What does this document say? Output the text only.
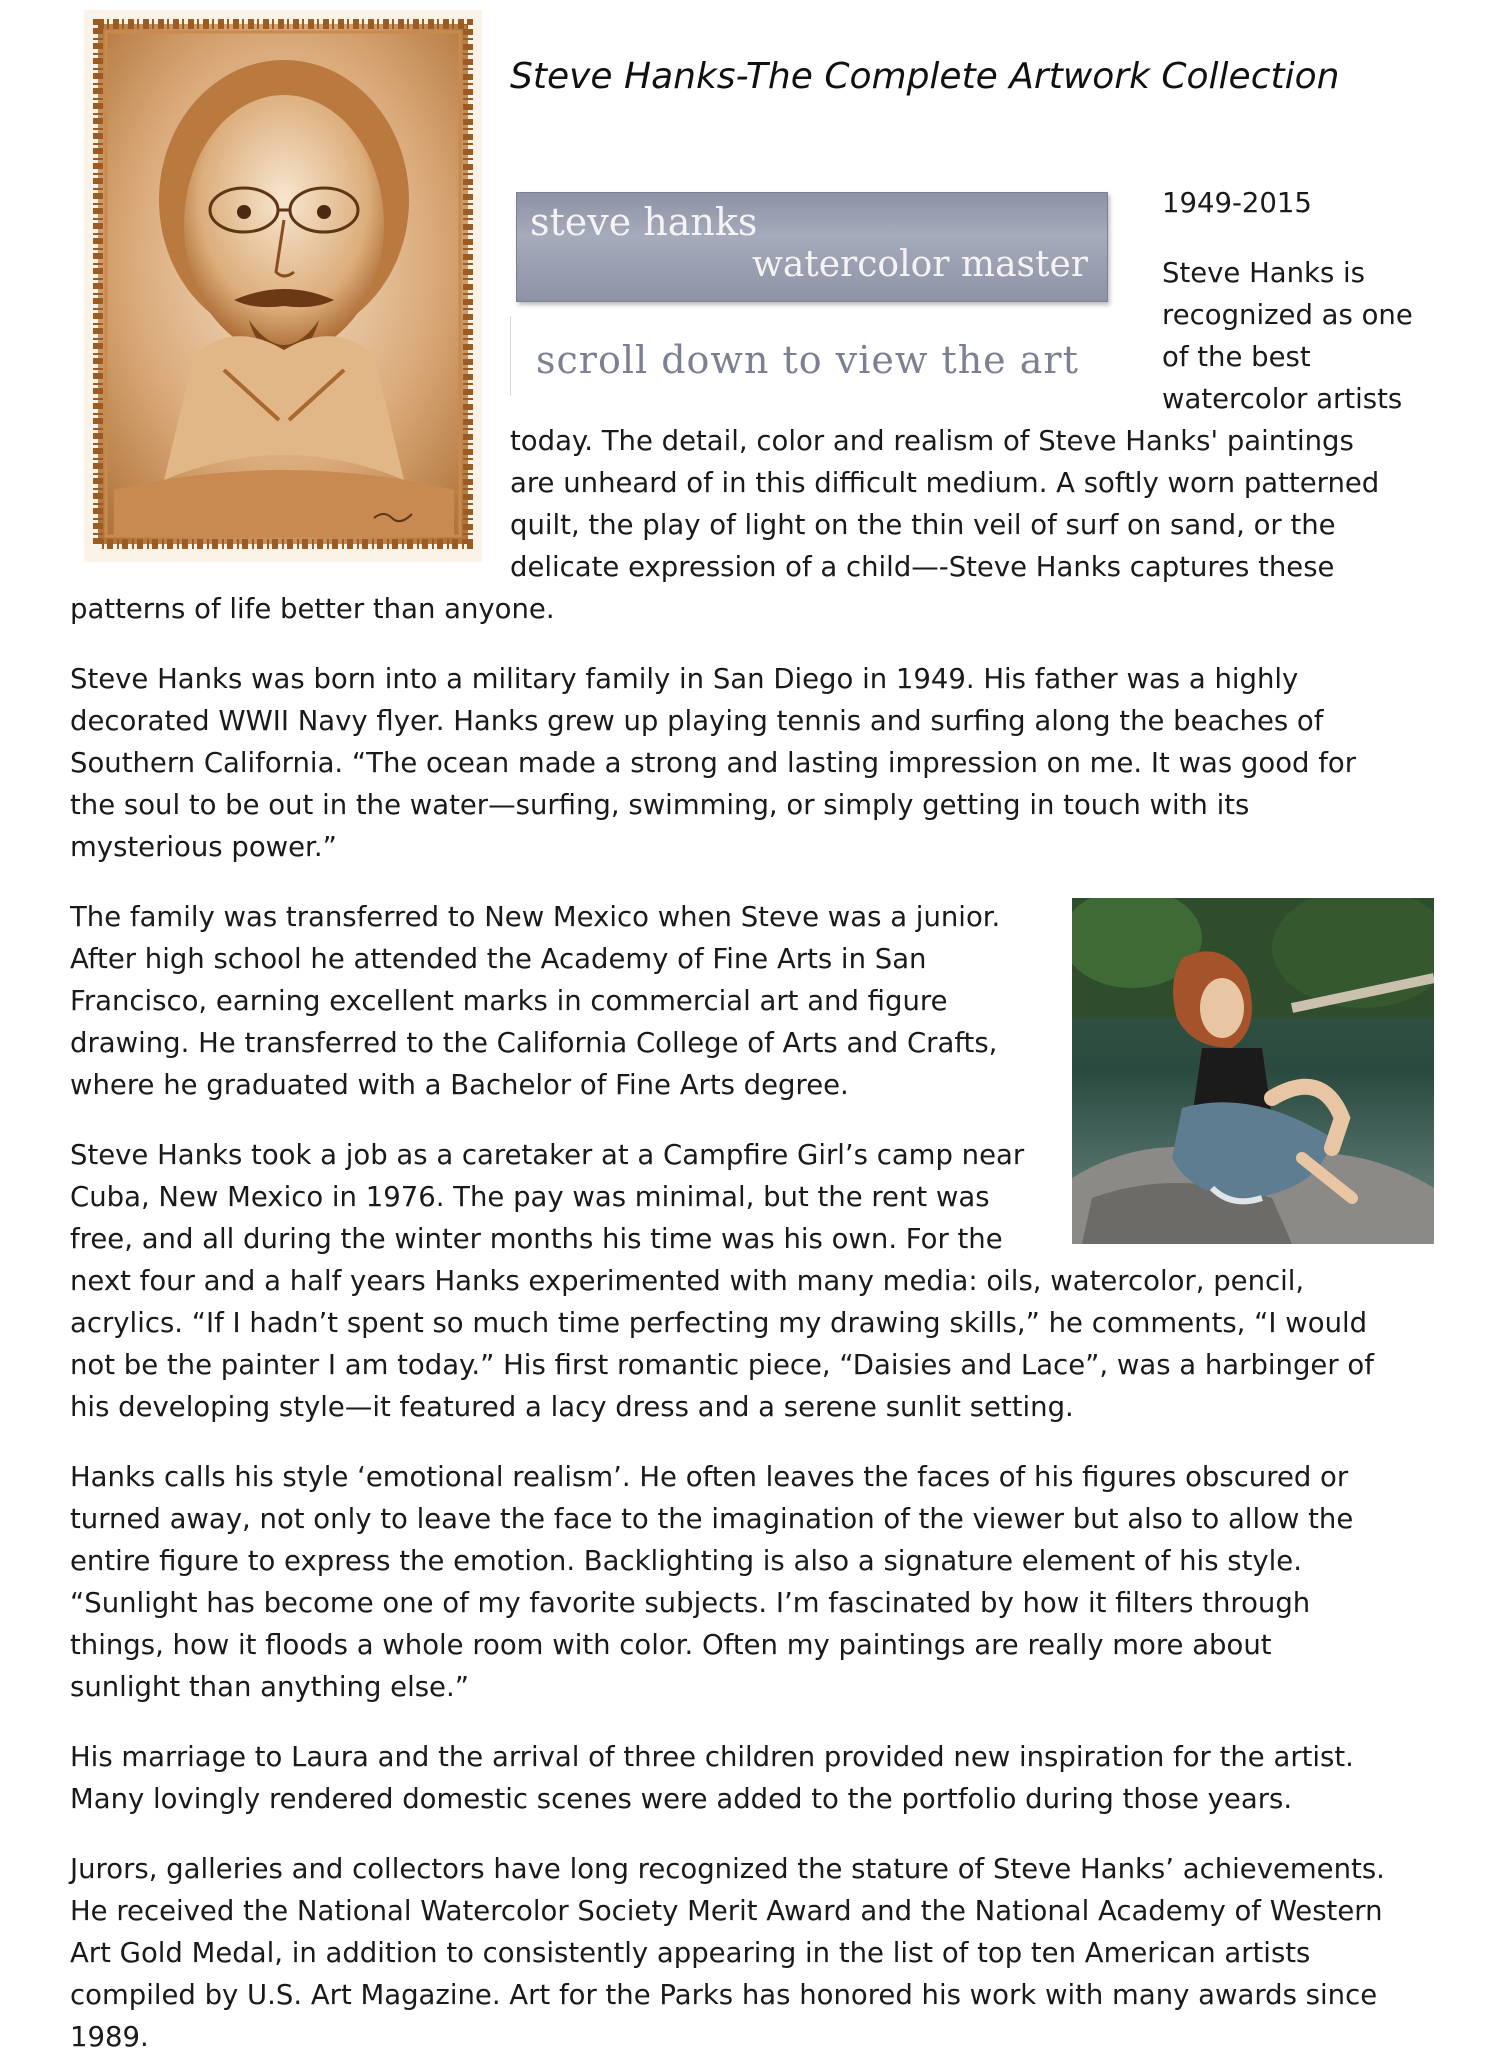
Steve Hanks-The Complete Artwork Collection
steve hanks
watercolor master
scroll down to view the art

1949-2015

Steve Hanks is

recognized as one

of the best

watercolor artists

today. The detail, color and realism of Steve Hanks' paintings

are unheard of in this difficult medium. A softly worn patterned

quilt, the play of light on the thin veil of surf on sand, or the

delicate expression of a child—-Steve Hanks captures these

patterns of life better than anyone.

Steve Hanks was born into a military family in San Diego in 1949. His father was a highly

decorated WWII Navy flyer. Hanks grew up playing tennis and surfing along the beaches of

Southern California. “The ocean made a strong and lasting impression on me. It was good for

the soul to be out in the water—surfing, swimming, or simply getting in touch with its

mysterious power.”

The family was transferred to New Mexico when Steve was a junior.

After high school he attended the Academy of Fine Arts in San

Francisco, earning excellent marks in commercial art and figure

drawing. He transferred to the California College of Arts and Crafts,

where he graduated with a Bachelor of Fine Arts degree.

Steve Hanks took a job as a caretaker at a Campfire Girl’s camp near

Cuba, New Mexico in 1976. The pay was minimal, but the rent was

free, and all during the winter months his time was his own. For the

next four and a half years Hanks experimented with many media: oils, watercolor, pencil,

acrylics. “If I hadn’t spent so much time perfecting my drawing skills,” he comments, “I would

not be the painter I am today.” His first romantic piece, “Daisies and Lace”, was a harbinger of

his developing style—it featured a lacy dress and a serene sunlit setting.

Hanks calls his style ‘emotional realism’. He often leaves the faces of his figures obscured or

turned away, not only to leave the face to the imagination of the viewer but also to allow the

entire figure to express the emotion. Backlighting is also a signature element of his style.

“Sunlight has become one of my favorite subjects. I’m fascinated by how it filters through

things, how it floods a whole room with color. Often my paintings are really more about

sunlight than anything else.”

His marriage to Laura and the arrival of three children provided new inspiration for the artist.

Many lovingly rendered domestic scenes were added to the portfolio during those years.

Jurors, galleries and collectors have long recognized the stature of Steve Hanks’ achievements.

He received the National Watercolor Society Merit Award and the National Academy of Western

Art Gold Medal, in addition to consistently appearing in the list of top ten American artists

compiled by U.S. Art Magazine. Art for the Parks has honored his work with many awards since

1989.
